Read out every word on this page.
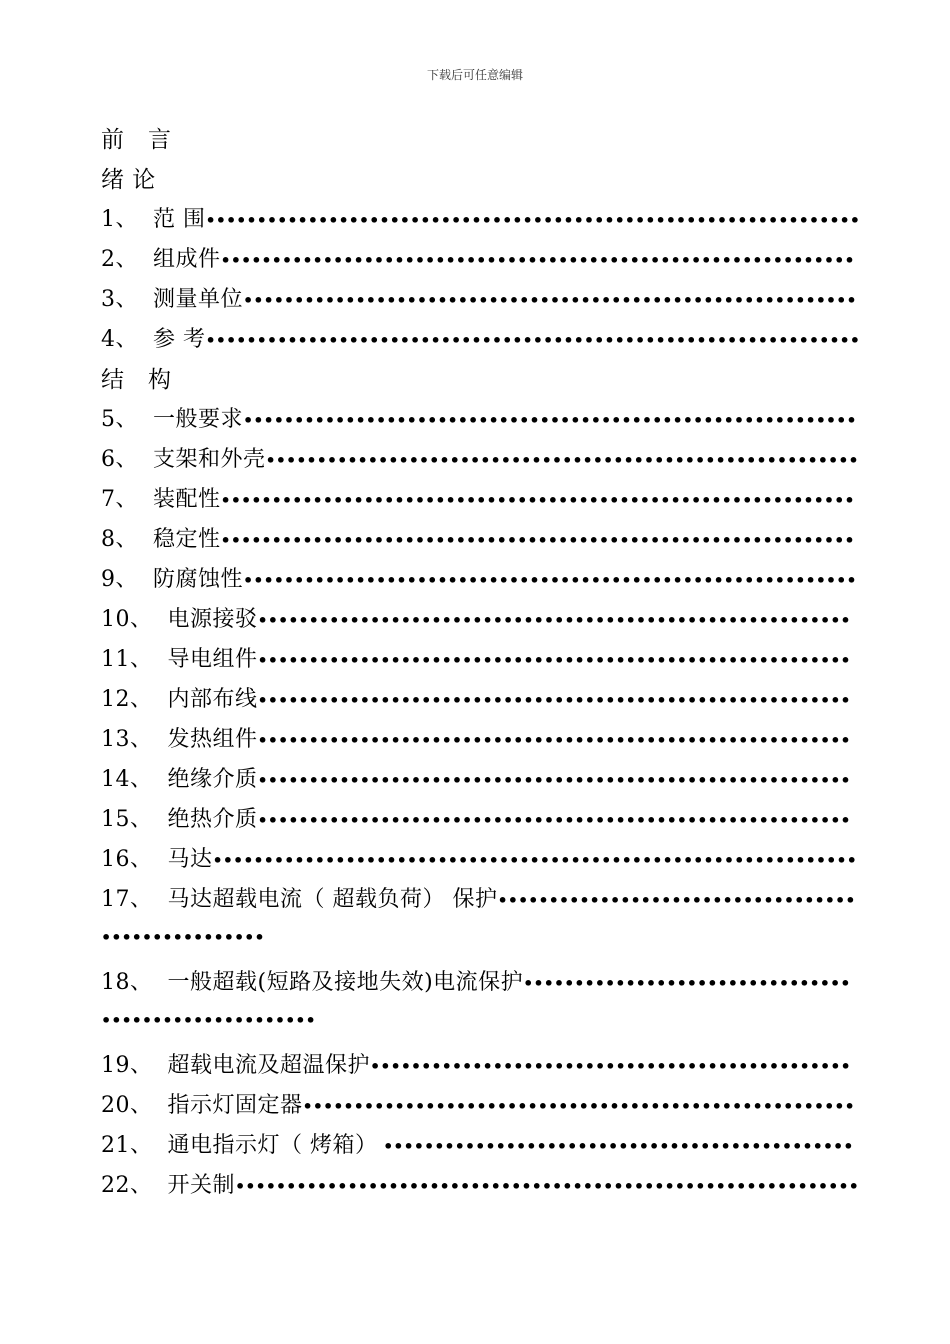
下载后可任意编辑
前　言
绪 论
1、 范 围••••••••••••••••••••••••••••••••••••••••••••••••••••••••••••••••
2、 组成件••••••••••••••••••••••••••••••••••••••••••••••••••••••••••••••
3、 测量单位••••••••••••••••••••••••••••••••••••••••••••••••••••••••••••
4、 参 考••••••••••••••••••••••••••••••••••••••••••••••••••••••••••••••••
结　构
5、 一般要求••••••••••••••••••••••••••••••••••••••••••••••••••••••••••••
6、 支架和外壳••••••••••••••••••••••••••••••••••••••••••••••••••••••••••
7、 装配性••••••••••••••••••••••••••••••••••••••••••••••••••••••••••••••
8、 稳定性••••••••••••••••••••••••••••••••••••••••••••••••••••••••••••••
9、 防腐蚀性••••••••••••••••••••••••••••••••••••••••••••••••••••••••••••
10、 电源接驳••••••••••••••••••••••••••••••••••••••••••••••••••••••••••
11、 导电组件••••••••••••••••••••••••••••••••••••••••••••••••••••••••••
12、 内部布线••••••••••••••••••••••••••••••••••••••••••••••••••••••••••
13、 发热组件••••••••••••••••••••••••••••••••••••••••••••••••••••••••••
14、 绝缘介质••••••••••••••••••••••••••••••••••••••••••••••••••••••••••
15、 绝热介质••••••••••••••••••••••••••••••••••••••••••••••••••••••••••
16、 马达•••••••••••••••••••••••••••••••••••••••••••••••••••••••••••••••
17、 马达超载电流（ 超载负荷） 保护•••••••••••••••••••••••••••••••••••
••••••••••••••••
18、 一般超载(短路及接地失效)电流保护••••••••••••••••••••••••••••••••
•••••••••••••••••••••
19、 超载电流及超温保护•••••••••••••••••••••••••••••••••••••••••••••••
20、 指示灯固定器••••••••••••••••••••••••••••••••••••••••••••••••••••••
21、 通电指示灯（ 烤箱） ••••••••••••••••••••••••••••••••••••••••••••••
22、 开关制•••••••••••••••••••••••••••••••••••••••••••••••••••••••••••••
